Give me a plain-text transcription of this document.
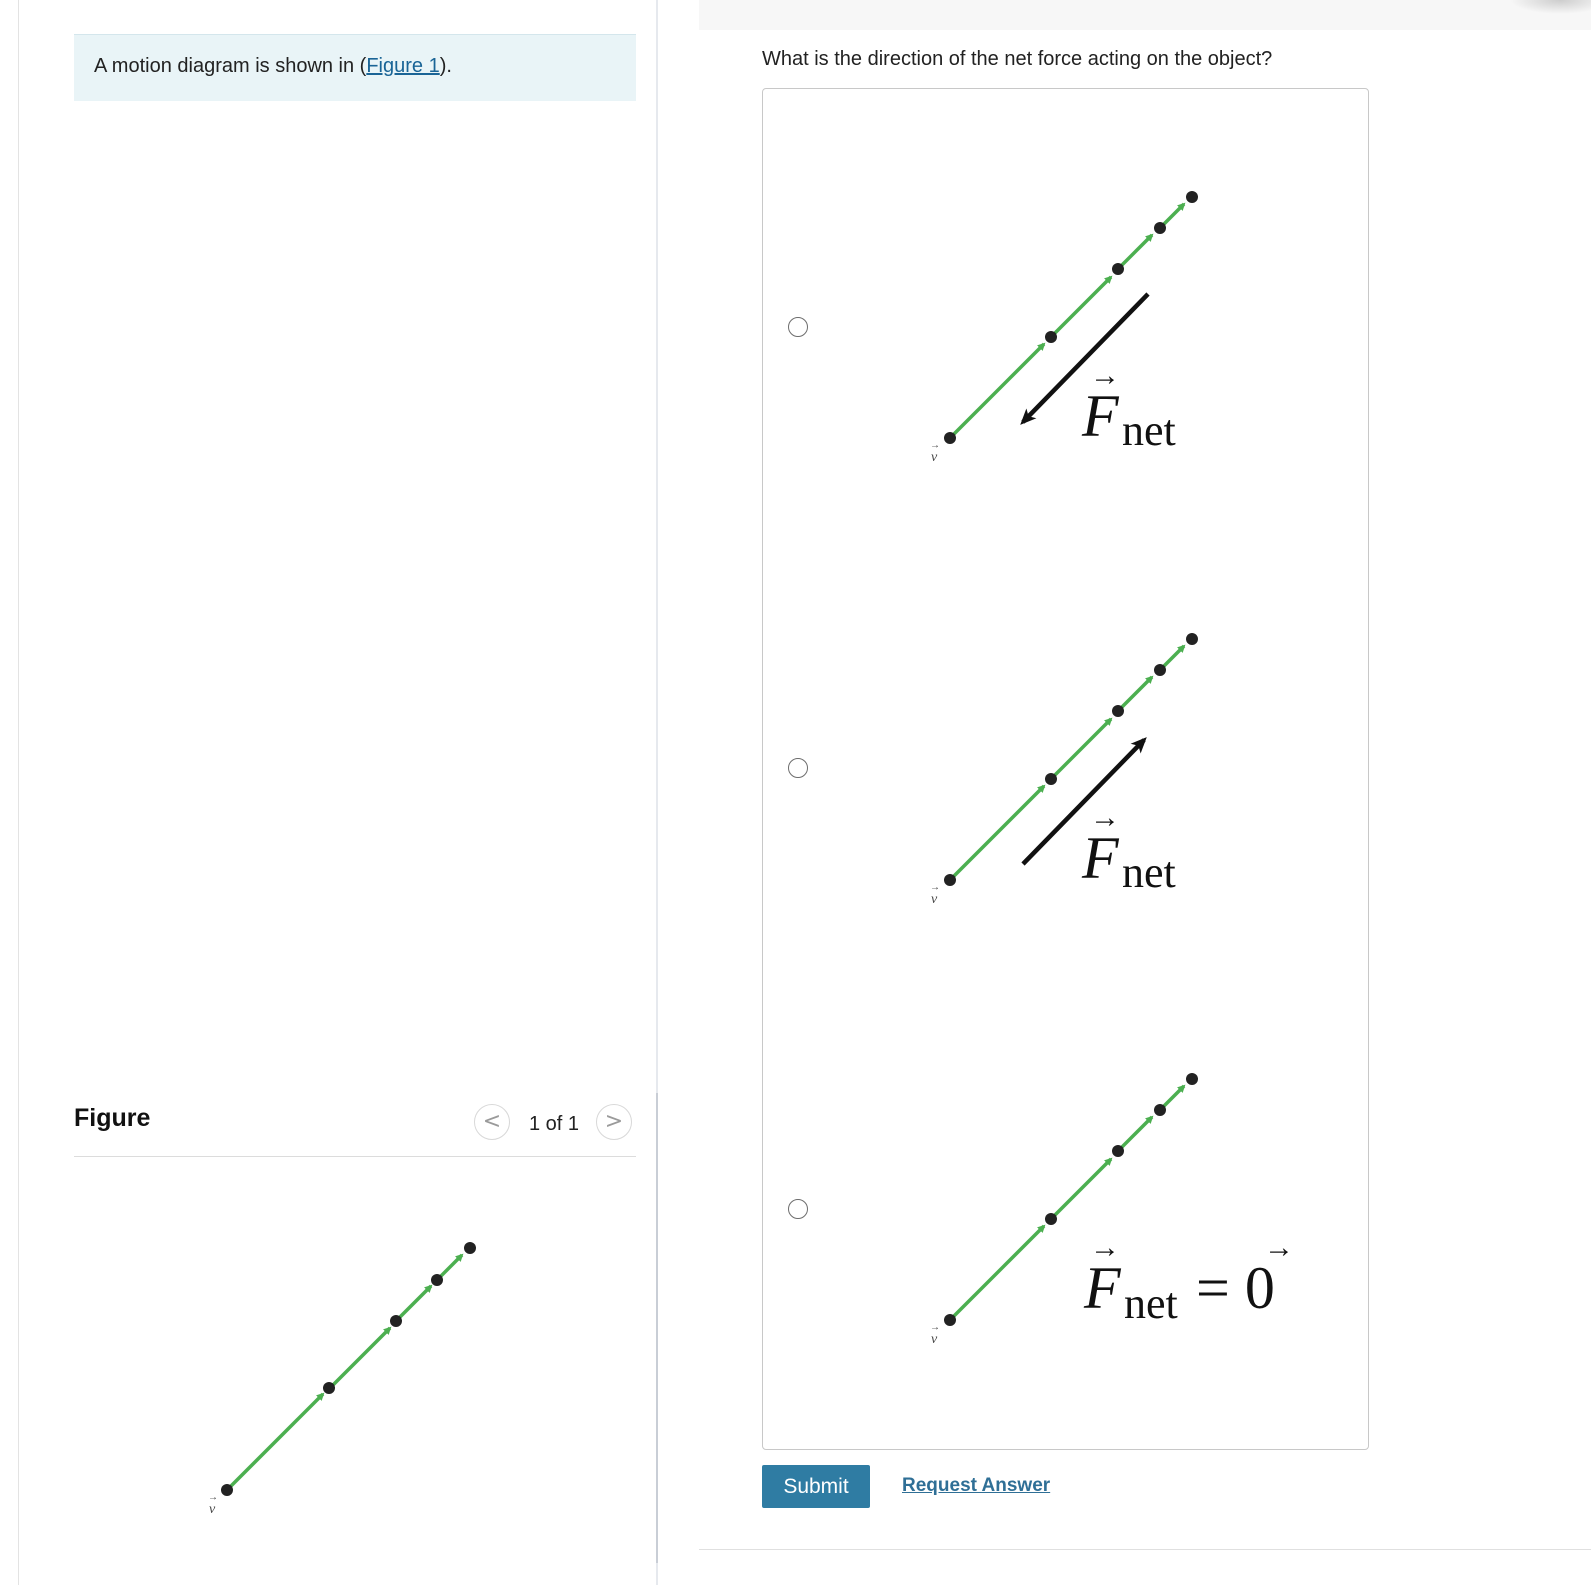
A motion diagram is shown in (Figure 1).
Figure	<	1 of 1	>
v
→
What is the direction of the net force acting on the object?
v
→
→
F net
v
→
→
F net
v
→
→	→
F net = 0
Submit	Request Answer
